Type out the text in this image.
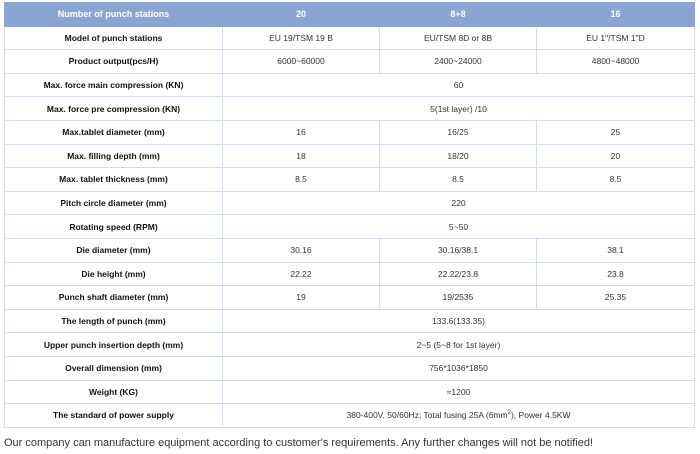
Number of punch stations	20	8+8	16
Model of punch stations	EU 19/TSM 19 B	EU/TSM 8D or 8B	EU 1"/TSM 1"D
Product output(pcs/H)	6000~60000	2400~24000	4800~48000
Max. force main compression (KN)	60		
Max. force pre compression (KN)	5(1st layer) /10		
Max.tablet diameter (mm)	16	16/25	25
Max. filling depth (mm)	18	18/20	20
Max. tablet thickness (mm)	8.5	8.5	8.5
Pitch circle diameter (mm)	220		
Rotating speed (RPM)	5~50		
Die diameter (mm)	30.16	30.16/38.1	38.1
Die height (mm)	22.22	22.22/23.8	23.8
Punch shaft diameter (mm)	19	19/2535	25.35
The length of punch (mm)	133.6(133.35)		
Upper punch insertion depth (mm)	2~5 (5~8 for 1st layer)		
Overall dimension (mm)	756*1036*1850		
Weight (KG)	≈1200		
The standard of power supply	380-400V, 50/60Hz; Total fusing 25A $(6mm^2)$, Power 4.5KW		
Our company can manufacture equipment according to customer's requirements. Any further changes will not be notified!
